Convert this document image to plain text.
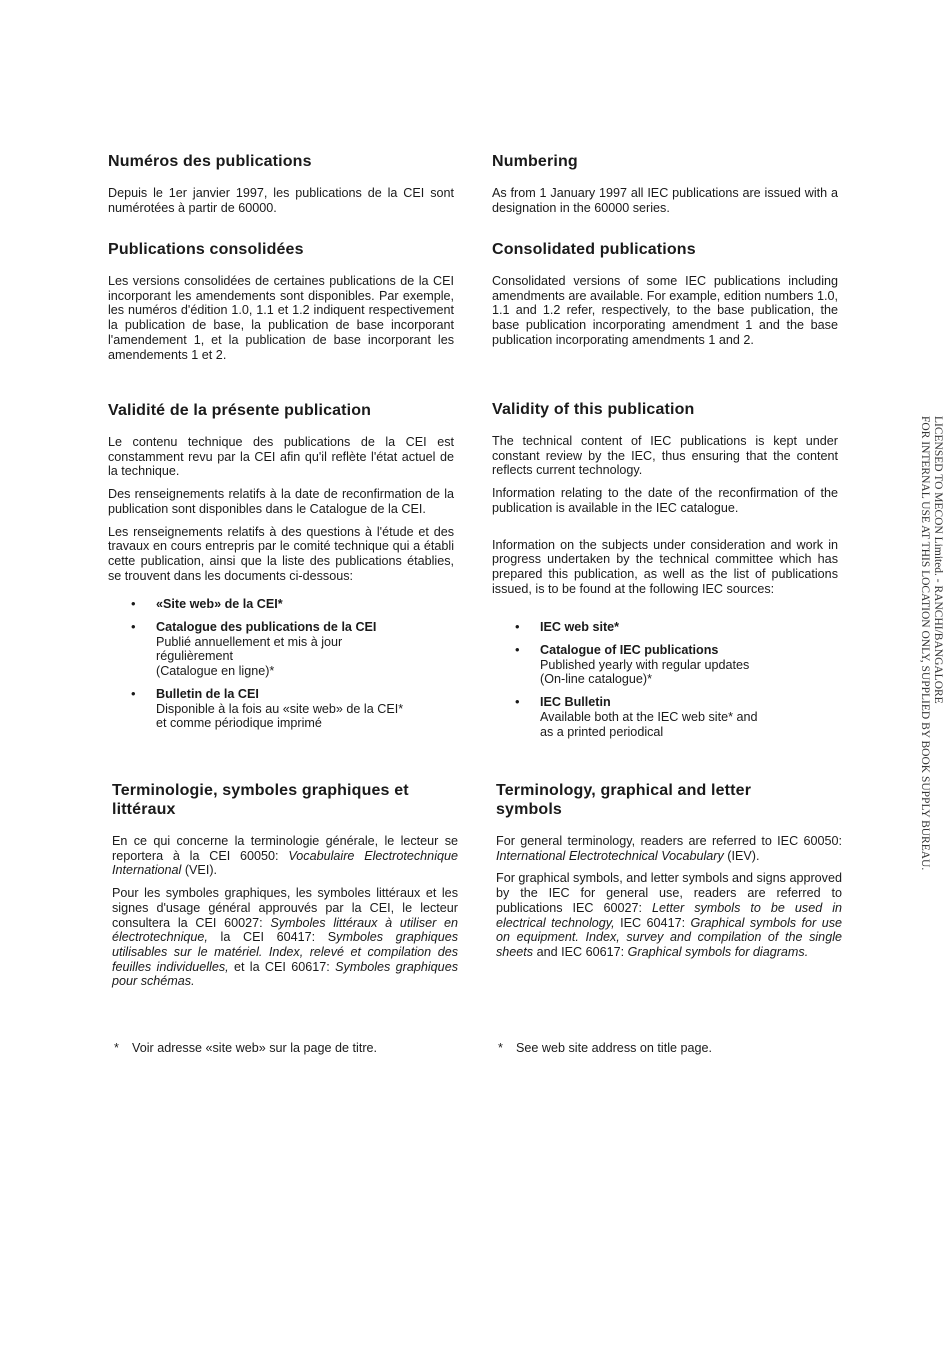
Numéros des publications

Depuis le 1er janvier 1997, les publications de la CEI sont numérotées à partir de 60000.

Publications consolidées

Les versions consolidées de certaines publications de la CEI incorporant les amendements sont disponibles. Par exemple, les numéros d'édition 1.0, 1.1 et 1.2 indiquent respectivement la publication de base, la publication de base incorporant l'amendement 1, et la publication de base incorporant les amendements 1 et 2.

Validité de la présente publication

Le contenu technique des publications de la CEI est constamment revu par la CEI afin qu'il reflète l'état actuel de la technique.

Des renseignements relatifs à la date de reconfirmation de la publication sont disponibles dans le Catalogue de la CEI.

Les renseignements relatifs à des questions à l'étude et des travaux en cours entrepris par le comité technique qui a établi cette publication, ainsi que la liste des publications établies, se trouvent dans les documents ci-dessous:

• «Site web» de la CEI*
• Catalogue des publications de la CEI
Publié annuellement et mis à jour
régulièrement
(Catalogue en ligne)*
• Bulletin de la CEI
Disponible à la fois au «site web» de la CEI*
et comme périodique imprimé
Terminologie, symboles graphiques et littéraux

En ce qui concerne la terminologie générale, le lecteur se reportera à la CEI 60050: Vocabulaire Electrotechnique International (VEI).

Pour les symboles graphiques, les symboles littéraux et les signes d'usage général approuvés par la CEI, le lecteur consultera la CEI 60027: Symboles littéraux à utiliser en électrotechnique, la CEI 60417: Symboles graphiques utilisables sur le matériel. Index, relevé et compilation des feuilles individuelles, et la CEI 60617: Symboles graphiques pour schémas.

* Voir adresse «site web» sur la page de titre.
Numbering

As from 1 January 1997 all IEC publications are issued with a designation in the 60000 series.

Consolidated publications

Consolidated versions of some IEC publications including amendments are available. For example, edition numbers 1.0, 1.1 and 1.2 refer, respectively, to the base publication, the base publication incorporating amendment 1 and the base publication incorporating amendments 1 and 2.

Validity of this publication

The technical content of IEC publications is kept under constant review by the IEC, thus ensuring that the content reflects current technology.

Information relating to the date of the reconfirmation of the publication is available in the IEC catalogue.

Information on the subjects under consideration and work in progress undertaken by the technical committee which has prepared this publication, as well as the list of publications issued, is to be found at the following IEC sources:

• IEC web site*
• Catalogue of IEC publications
Published yearly with regular updates
(On-line catalogue)*
• IEC Bulletin
Available both at the IEC web site* and
as a printed periodical
Terminology, graphical and letter symbols

For general terminology, readers are referred to IEC 60050: International Electrotechnical Vocabulary (IEV).

For graphical symbols, and letter symbols and signs approved by the IEC for general use, readers are referred to publications IEC 60027: Letter symbols to be used in electrical technology, IEC 60417: Graphical symbols for use on equipment. Index, survey and compilation of the single sheets and IEC 60617: Graphical symbols for diagrams.

* See web site address on title page.
LICENSED TO MECON Limited. - RANCHI/BANGALORE
FOR INTERNAL USE AT THIS LOCATION ONLY, SUPPLIED BY BOOK SUPPLY BUREAU.
